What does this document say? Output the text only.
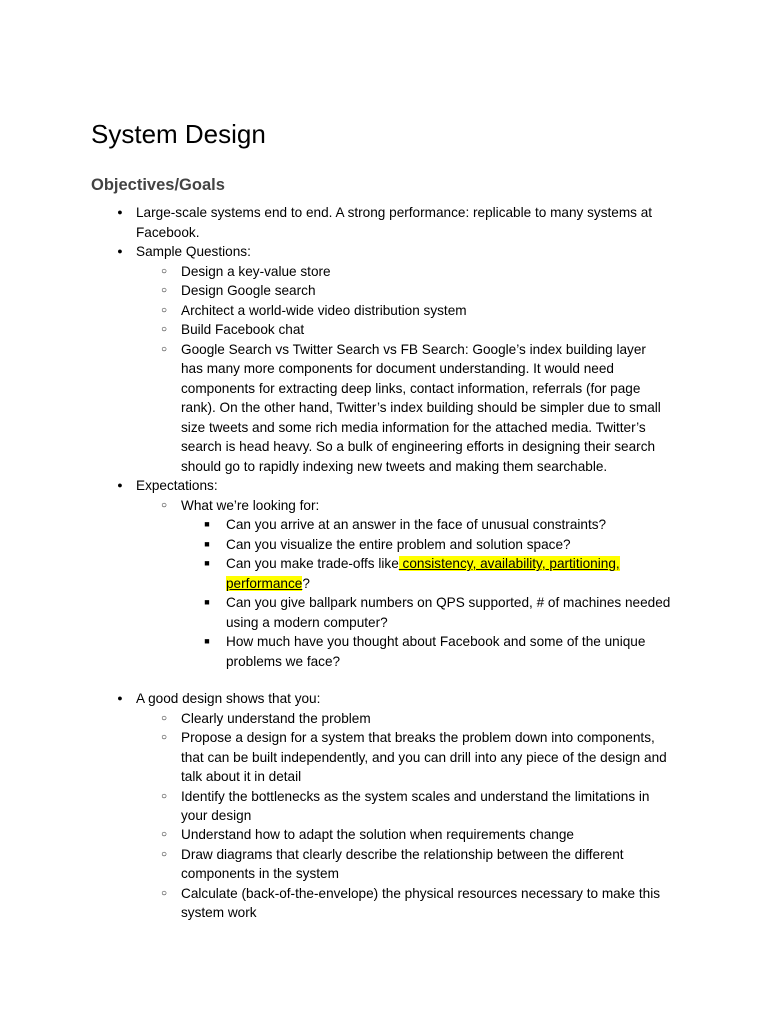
System Design
Objectives/Goals
● Large-scale systems end to end. A strong performance: replicable to many systems at
Facebook.
● Sample Questions:
○ Design a key-value store
○ Design Google search
○ Architect a world-wide video distribution system
○ Build Facebook chat
○ Google Search vs Twitter Search vs FB Search: Google’s index building layer
has many more components for document understanding. It would need
components for extracting deep links, contact information, referrals (for page
rank). On the other hand, Twitter’s index building should be simpler due to small
size tweets and some rich media information for the attached media. Twitter’s
search is head heavy. So a bulk of engineering efforts in designing their search
should go to rapidly indexing new tweets and making them searchable.
● Expectations:
○ What we’re looking for:
■	Can you arrive at an answer in the face of unusual constraints?
■	Can you visualize the entire problem and solution space?
■	Can you make trade-offs like consistency, availability, partitioning,
performance?
■	Can you give ballpark numbers on QPS supported, # of machines needed
using a modern computer?
■	How much have you thought about Facebook and some of the unique
problems we face?
● A good design shows that you:
○ Clearly understand the problem
○ Propose a design for a system that breaks the problem down into components,
that can be built independently, and you can drill into any piece of the design and
talk about it in detail
○ Identify the bottlenecks as the system scales and understand the limitations in
your design
○ Understand how to adapt the solution when requirements change
○ Draw diagrams that clearly describe the relationship between the different
components in the system
○ Calculate (back-of-the-envelope) the physical resources necessary to make this
system work
